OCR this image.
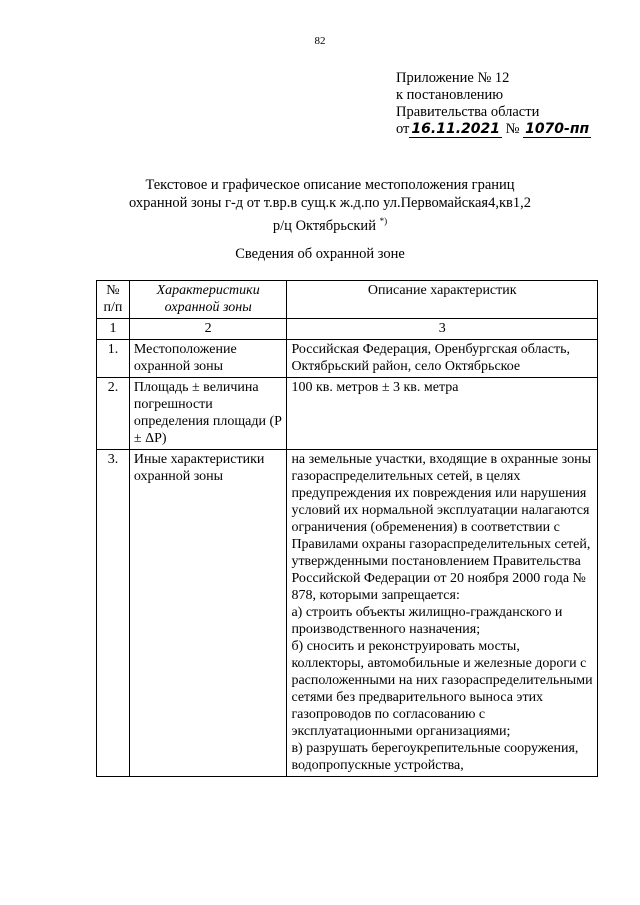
82
Приложение № 12
к постановлению
Правительства области
от 16.11.2021 № 1070-пп
Текстовое и графическое описание местоположения границ
охранной зоны г-д от т.вр.в сущ.к ж.д.по ул.Первомайская4,кв1,2
р/ц Октябрьский *)
Сведения об охранной зоне
№ п/п	Характеристики охранной зоны	Описание характеристик
1	2	3
1.	Местоположение охранной зоны	Российская Федерация, Оренбургская область, Октябрьский район, село Октябрьское
2.	Площадь ± величина погрешности определения площади (P ± ΔP)	100 кв. метров ± 3 кв. метра
3.	Иные характеристики охранной зоны	на земельные участки, входящие в охранные зоны газораспределительных сетей, в целях предупреждения их повреждения или нарушения условий их нормальной эксплуатации налагаются ограничения (обременения) в соответствии с Правилами охраны газораспределительных сетей, утвержденными постановлением Правительства Российской Федерации от 20 ноября 2000 года № 878, которыми запрещается:
а) строить объекты жилищно-гражданского и производственного назначения;
б) сносить и реконструировать мосты, коллекторы, автомобильные и железные дороги с расположенными на них газораспределительными сетями без предварительного выноса этих газопроводов по согласованию с эксплуатационными организациями;
в) разрушать берегоукрепительные сооружения, водопропускные устройства,
